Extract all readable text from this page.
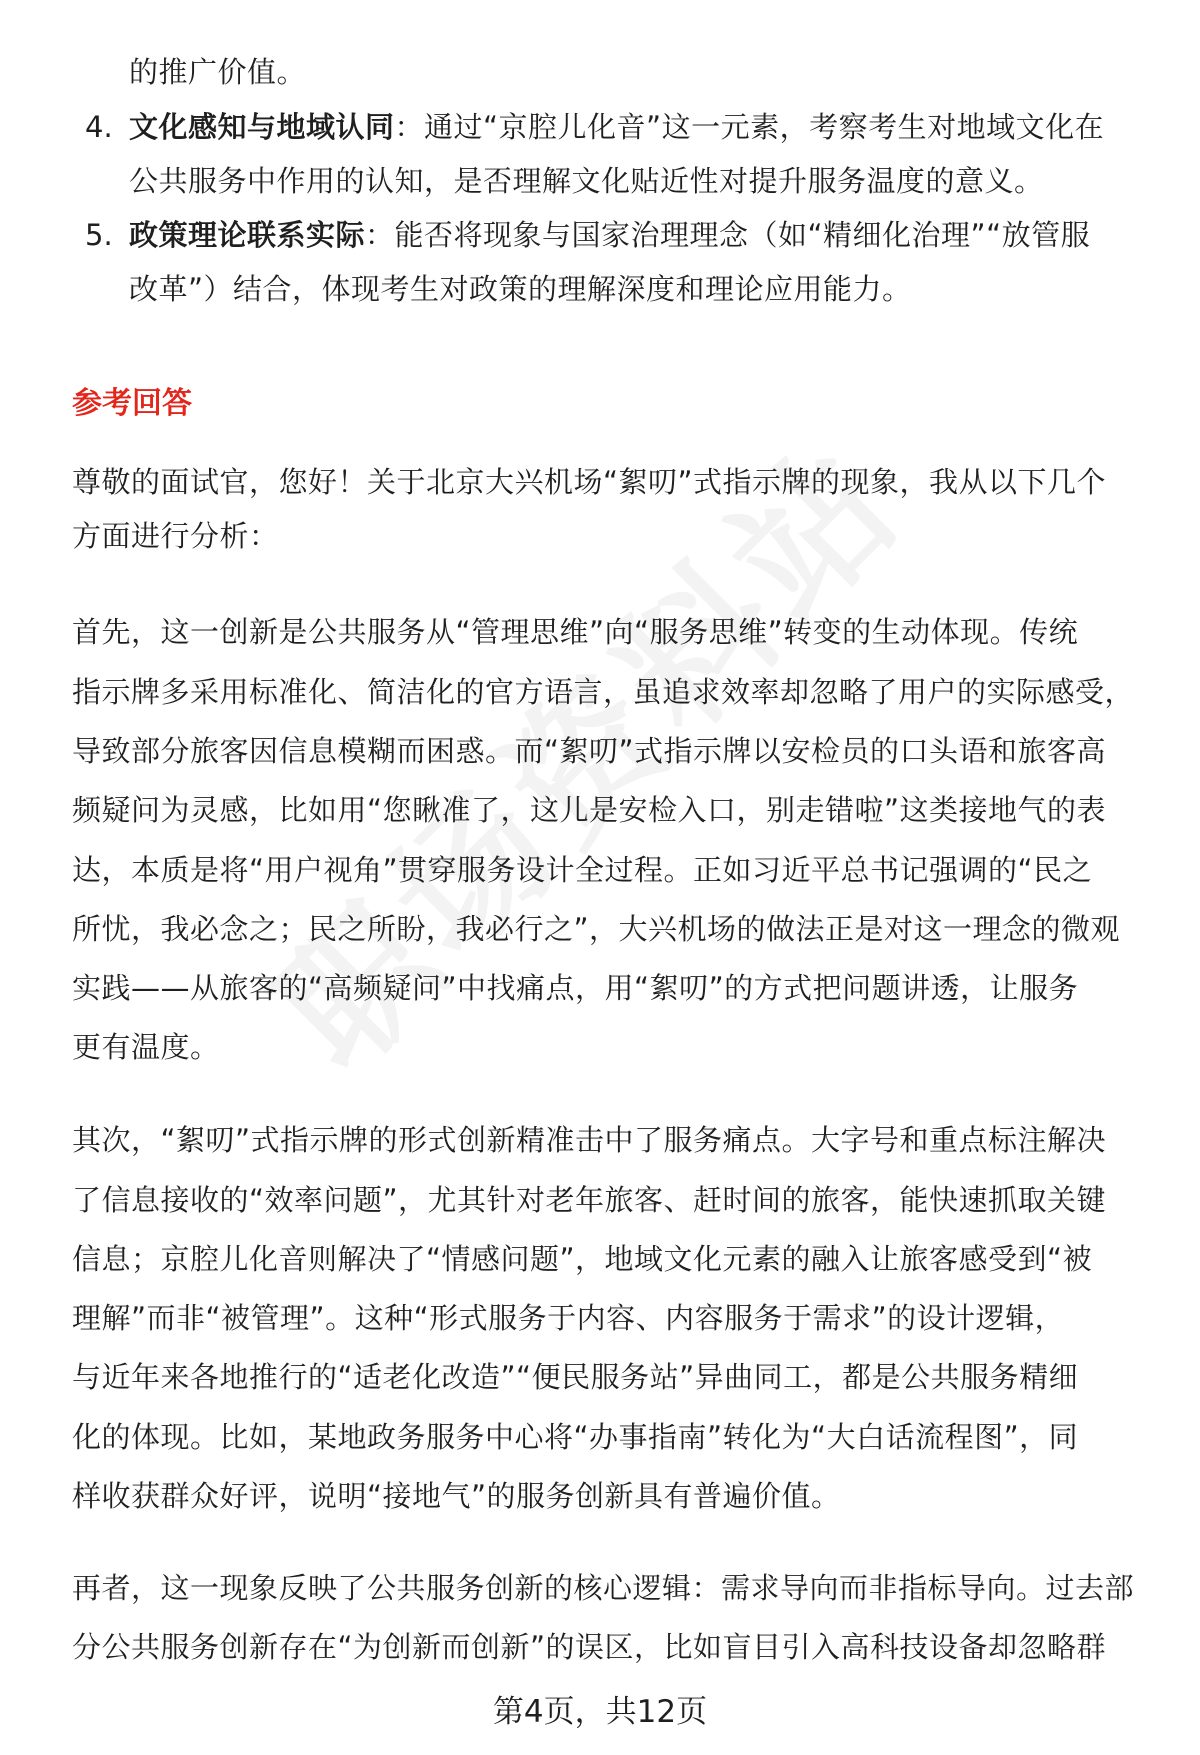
的推广价值。
4. 文化感知与地域认同：通过“京腔儿化音”这一元素，考察考生对地域文化在
公共服务中作用的认知，是否理解文化贴近性对提升服务温度的意义。
5. 政策理论联系实际：能否将现象与国家治理理念（如“精细化治理”“放管服
改革”）结合，体现考生对政策的理解深度和理论应用能力。
参考回答
尊敬的面试官，您好！关于北京大兴机场“絮叨”式指示牌的现象，我从以下几个
方面进行分析：
首先，这一创新是公共服务从“管理思维”向“服务思维”转变的生动体现。传统
指示牌多采用标准化、简洁化的官方语言，虽追求效率却忽略了用户的实际感受，
导致部分旅客因信息模糊而困惑。而“絮叨”式指示牌以安检员的口头语和旅客高
频疑问为灵感，比如用“您瞅准了，这儿是安检入口，别走错啦”这类接地气的表
达，本质是将“用户视角”贯穿服务设计全过程。正如习近平总书记强调的“民之
所忧，我必念之；民之所盼，我必行之”，大兴机场的做法正是对这一理念的微观
实践——从旅客的“高频疑问”中找痛点，用“絮叨”的方式把问题讲透，让服务
更有温度。
其次，“絮叨”式指示牌的形式创新精准击中了服务痛点。大字号和重点标注解决
了信息接收的“效率问题”，尤其针对老年旅客、赶时间的旅客，能快速抓取关键
信息；京腔儿化音则解决了“情感问题”，地域文化元素的融入让旅客感受到“被
理解”而非“被管理”。这种“形式服务于内容、内容服务于需求”的设计逻辑，
与近年来各地推行的“适老化改造”“便民服务站”异曲同工，都是公共服务精细
化的体现。比如，某地政务服务中心将“办事指南”转化为“大白话流程图”，同
样收获群众好评，说明“接地气”的服务创新具有普遍价值。
再者，这一现象反映了公共服务创新的核心逻辑：需求导向而非指标导向。过去部
分公共服务创新存在“为创新而创新”的误区，比如盲目引入高科技设备却忽略群
第4页，共12页
